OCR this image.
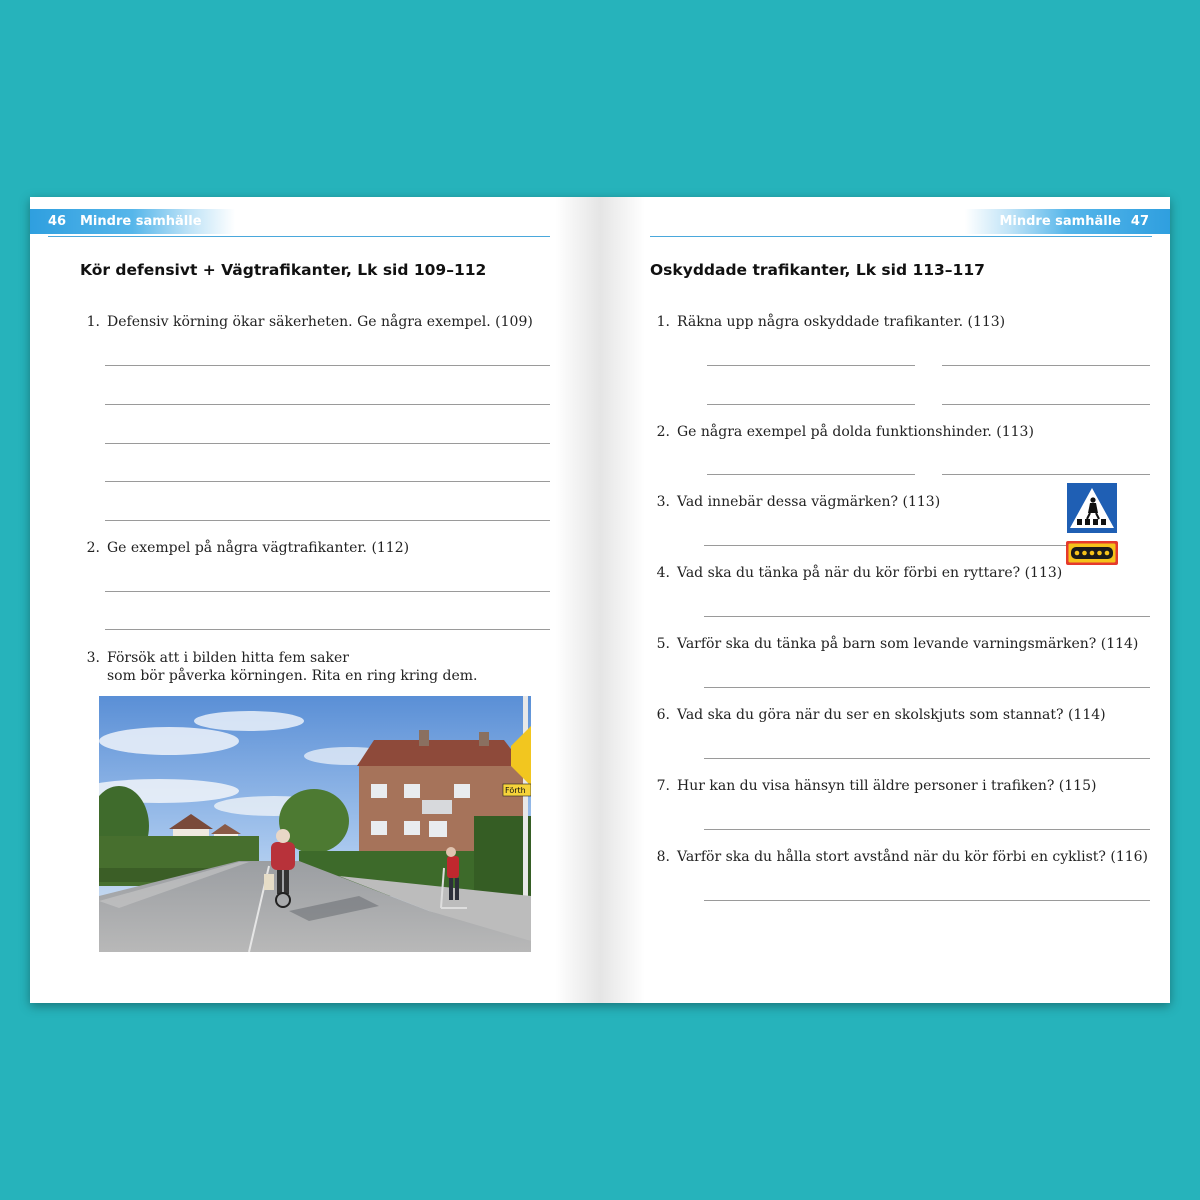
46 Mindre samhälle
Kör defensivt + Vägtrafikanter, Lk sid 109–112
1. Defensiv körning ökar säkerheten. Ge några exempel. (109)
2. Ge exempel på några vägtrafikanter. (112)
3. Försök att i bilden hitta fem saker
som bör påverka körningen. Rita en ring kring dem.
Förth
Mindre samhälle 47
Oskyddade trafikanter, Lk sid 113–117
1. Räkna upp några oskyddade trafikanter. (113)
2. Ge några exempel på dolda funktionshinder. (113)
3. Vad innebär dessa vägmärken? (113)
4. Vad ska du tänka på när du kör förbi en ryttare? (113)
5. Varför ska du tänka på barn som levande varningsmärken? (114)
6. Vad ska du göra när du ser en skolskjuts som stannat? (114)
7. Hur kan du visa hänsyn till äldre personer i trafiken? (115)
8. Varför ska du hålla stort avstånd när du kör förbi en cyklist? (116)
